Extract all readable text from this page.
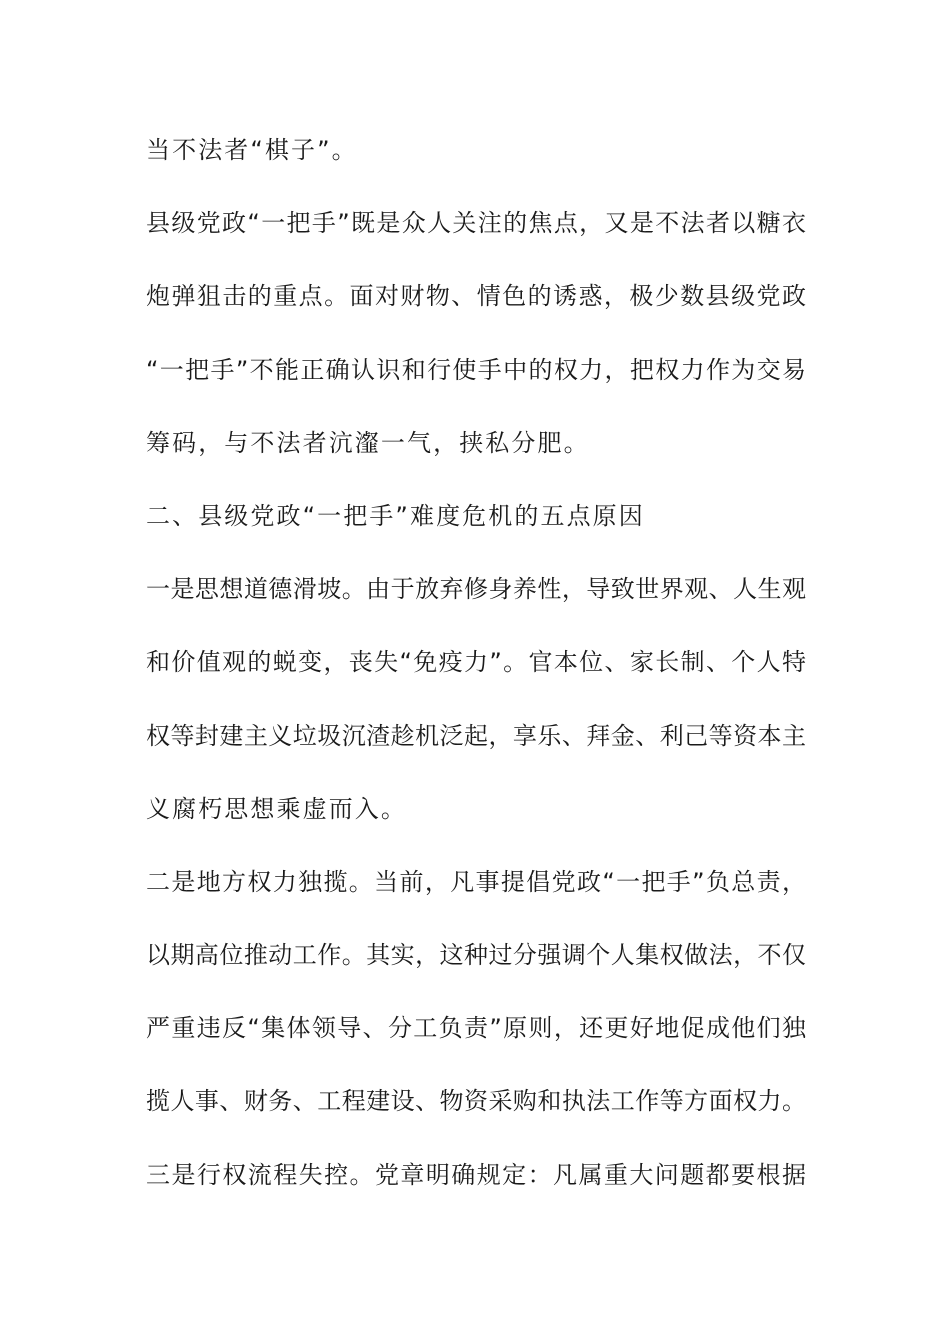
当不法者“棋子”。
县级党政“一把手”既是众人关注的焦点，又是不法者以糖衣
炮弹狙击的重点。面对财物、情色的诱惑，极少数县级党政
“一把手”不能正确认识和行使手中的权力，把权力作为交易
筹码，与不法者沆瀣一气，挟私分肥。
二、县级党政“一把手”难度危机的五点原因
一是思想道德滑坡。由于放弃修身养性，导致世界观、人生观
和价值观的蜕变，丧失“免疫力”。官本位、家长制、个人特
权等封建主义垃圾沉渣趁机泛起，享乐、拜金、利己等资本主
义腐朽思想乘虚而入。
二是地方权力独揽。当前，凡事提倡党政“一把手”负总责，
以期高位推动工作。其实，这种过分强调个人集权做法，不仅
严重违反“集体领导、分工负责”原则，还更好地促成他们独
揽人事、财务、工程建设、物资采购和执法工作等方面权力。
三是行权流程失控。党章明确规定：凡属重大问题都要根据
